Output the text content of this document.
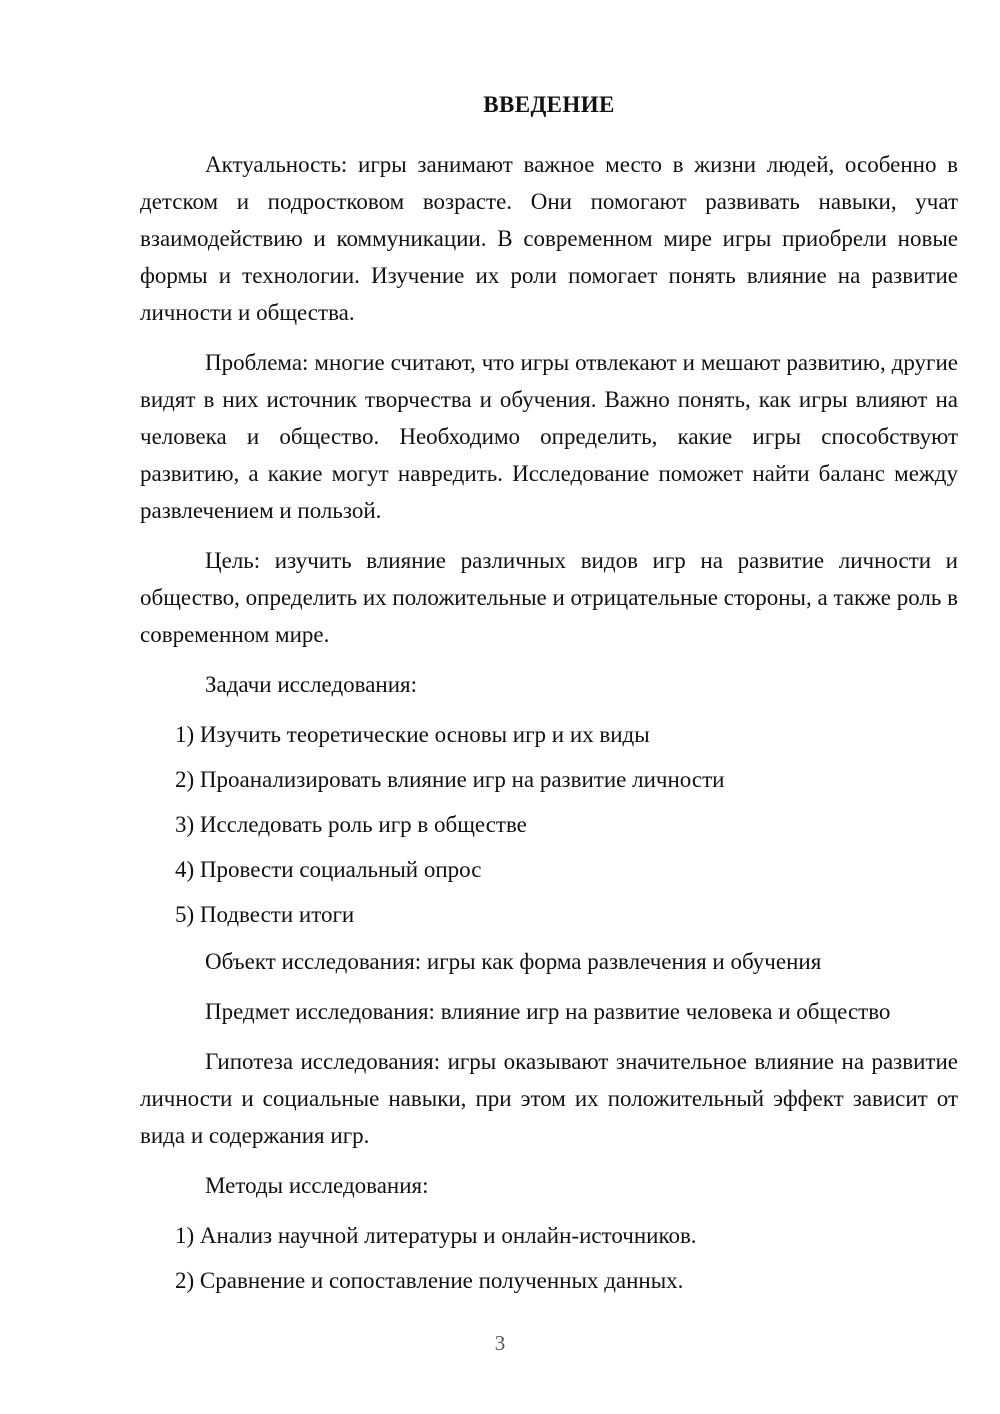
ВВЕДЕНИЕ

Актуальность: игры занимают важное место в жизни людей, особенно в детском и подростковом возрасте. Они помогают развивать навыки, учат взаимодействию и коммуникации. В современном мире игры приобрели новые формы и технологии. Изучение их роли помогает понять влияние на развитие личности и общества.

Проблема: многие считают, что игры отвлекают и мешают развитию, другие видят в них источник творчества и обучения. Важно понять, как игры влияют на человека и общество. Необходимо определить, какие игры способствуют развитию, а какие могут навредить. Исследование поможет найти баланс между развлечением и пользой.

Цель: изучить влияние различных видов игр на развитие личности и общество, определить их положительные и отрицательные стороны, а также роль в современном мире.

Задачи исследования:

1) Изучить теоретические основы игр и их виды
2) Проанализировать влияние игр на развитие личности
3) Исследовать роль игр в обществе
4) Провести социальный опрос
5) Подвести итоги

Объект исследования: игры как форма развлечения и обучения

Предмет исследования: влияние игр на развитие человека и общество

Гипотеза исследования: игры оказывают значительное влияние на развитие личности и социальные навыки, при этом их положительный эффект зависит от вида и содержания игр.

Методы исследования:

1) Анализ научной литературы и онлайн-источников.
2) Сравнение и сопоставление полученных данных.
3
